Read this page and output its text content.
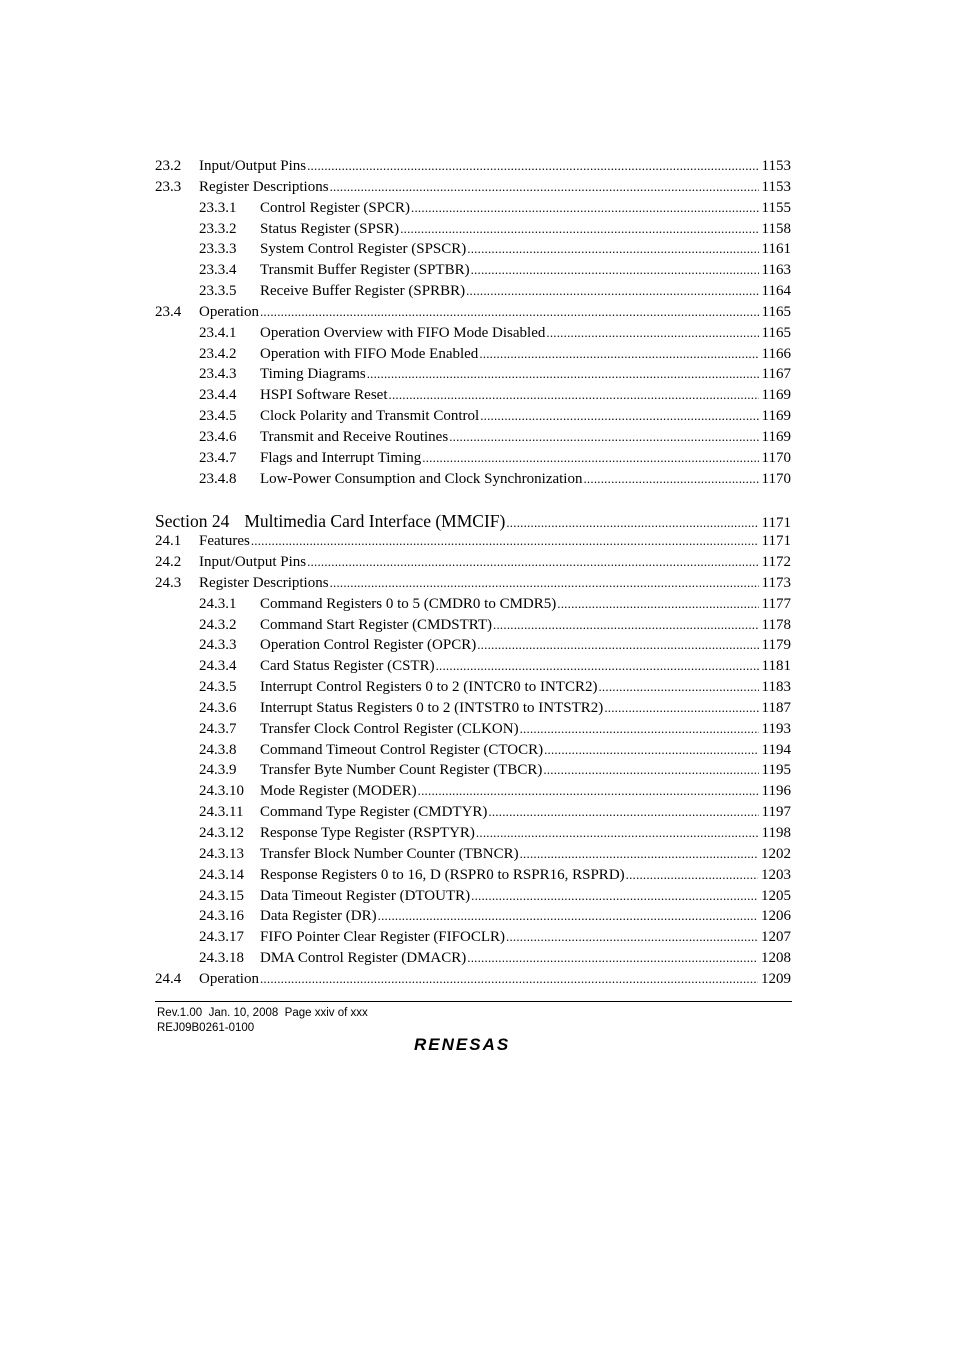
23.2 Input/Output Pins .....	1153
23.3 Register Descriptions .....	1153
23.3.1 Control Register (SPCR) .....	1155
23.3.2 Status Register (SPSR) .....	1158
23.3.3 System Control Register (SPSCR) .....	1161
23.3.4 Transmit Buffer Register (SPTBR) .....	1163
23.3.5 Receive Buffer Register (SPRBR) .....	1164
23.4 Operation .....	1165
23.4.1 Operation Overview with FIFO Mode Disabled .....	1165
23.4.2 Operation with FIFO Mode Enabled .....	1166
23.4.3 Timing Diagrams .....	1167
23.4.4 HSPI Software Reset .....	1169
23.4.5 Clock Polarity and Transmit Control .....	1169
23.4.6 Transmit and Receive Routines .....	1169
23.4.7 Flags and Interrupt Timing .....	1170
23.4.8 Low-Power Consumption and Clock Synchronization .....	1170
Section 24 Multimedia Card Interface (MMCIF) .....	1171
24.1 Features .....	1171
24.2 Input/Output Pins .....	1172
24.3 Register Descriptions .....	1173
24.3.1 Command Registers 0 to 5 (CMDR0 to CMDR5) .....	1177
24.3.2 Command Start Register (CMDSTRT) .....	1178
24.3.3 Operation Control Register (OPCR) .....	1179
24.3.4 Card Status Register (CSTR) .....	1181
24.3.5 Interrupt Control Registers 0 to 2 (INTCR0 to INTCR2) .....	1183
24.3.6 Interrupt Status Registers 0 to 2 (INTSTR0 to INTSTR2) .....	1187
24.3.7 Transfer Clock Control Register (CLKON) .....	1193
24.3.8 Command Timeout Control Register (CTOCR) .....	1194
24.3.9 Transfer Byte Number Count Register (TBCR) .....	1195
24.3.10 Mode Register (MODER) .....	1196
24.3.11 Command Type Register (CMDTYR) .....	1197
24.3.12 Response Type Register (RSPTYR) .....	1198
24.3.13 Transfer Block Number Counter (TBNCR) .....	1202
24.3.14 Response Registers 0 to 16, D (RSPR0 to RSPR16, RSPRD) .....	1203
24.3.15 Data Timeout Register (DTOUTR) .....	1205
24.3.16 Data Register (DR) .....	1206
24.3.17 FIFO Pointer Clear Register (FIFOCLR) .....	1207
24.3.18 DMA Control Register (DMACR) .....	1208
24.4 Operation .....	1209
Rev.1.00  Jan. 10, 2008  Page xxiv of xxx
REJ09B0261-0100
RENESAS
